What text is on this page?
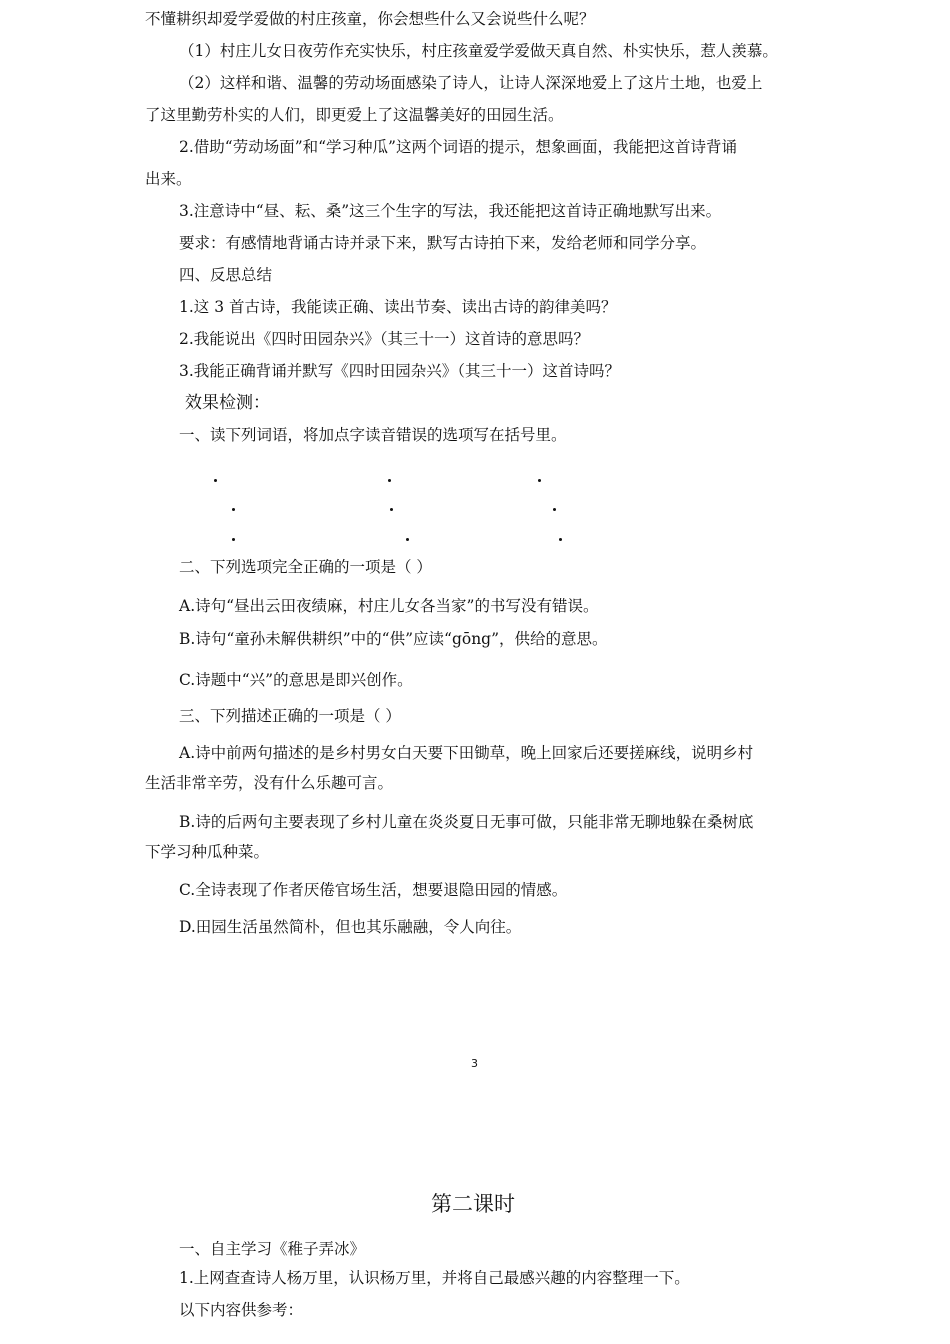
不懂耕织却爱学爱做的村庄孩童，你会想些什么又会说些什么呢？
（1）村庄儿女日夜劳作充实快乐，村庄孩童爱学爱做天真自然、朴实快乐，惹人羡慕。
（2）这样和谐、温馨的劳动场面感染了诗人，让诗人深深地爱上了这片土地，也爱上
了这里勤劳朴实的人们，即更爱上了这温馨美好的田园生活。
2.借助“劳动场面”和“学习种瓜”这两个词语的提示，想象画面，我能把这首诗背诵
出来。
3.注意诗中“昼、耘、桑”这三个生字的写法，我还能把这首诗正确地默写出来。
要求：有感情地背诵古诗并录下来，默写古诗拍下来，发给老师和同学分享。
四、反思总结
1.这 3 首古诗，我能读正确、读出节奏、读出古诗的韵律美吗？
2.我能说出《四时田园杂兴》（其三十一）这首诗的意思吗？
3.我能正确背诵并默写《四时田园杂兴》（其三十一）这首诗吗？
效果检测：
一、读下列词语，将加点字读音错误的选项写在括号里。
二、下列选项完全正确的一项是（ ）
A.诗句“昼出云田夜绩麻，村庄儿女各当家”的书写没有错误。
B.诗句“童孙未解供耕织”中的“供”应读“gōng”，供给的意思。
C.诗题中“兴”的意思是即兴创作。
三、下列描述正确的一项是（ ）
A.诗中前两句描述的是乡村男女白天要下田锄草，晚上回家后还要搓麻线，说明乡村
生活非常辛劳，没有什么乐趣可言。
B.诗的后两句主要表现了乡村儿童在炎炎夏日无事可做，只能非常无聊地躲在桑树底
下学习种瓜种菜。
C.全诗表现了作者厌倦官场生活，想要退隐田园的情感。
D.田园生活虽然简朴，但也其乐融融，令人向往。
3
第二课时
一、自主学习《稚子弄冰》
1.上网查查诗人杨万里，认识杨万里，并将自己最感兴趣的内容整理一下。
以下内容供参考：
